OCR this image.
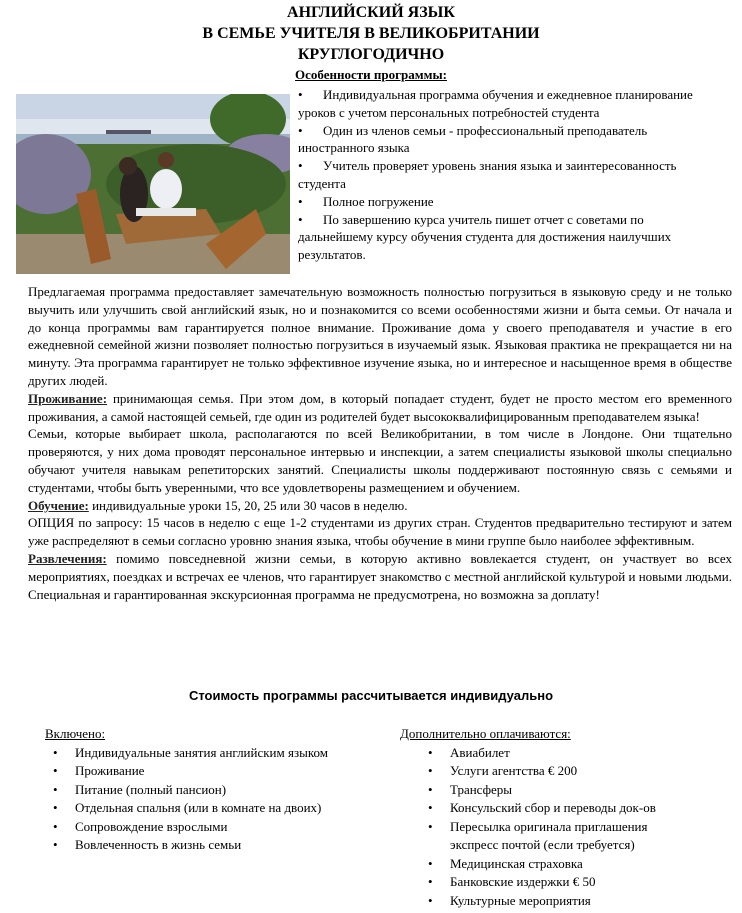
АНГЛИЙСКИЙ ЯЗЫК
В СЕМЬЕ УЧИТЕЛЯ В ВЕЛИКОБРИТАНИИ
КРУГЛОГОДИЧНО
Особенности программы:
• Индивидуальная программа обучения и ежедневное планирование уроков с учетом персональных потребностей студента
• Один из членов семьи - профессиональный преподаватель иностранного языка
• Учитель проверяет уровень знания языка и заинтересованность студента
• Полное погружение
• По завершению курса учитель пишет отчет с советами по дальнейшему курсу обучения студента для достижения наилучших результатов.

Предлагаемая программа предоставляет замечательную возможность полностью погрузиться в языковую среду и не только выучить или улучшить свой английский язык, но и познакомится со всеми особенностями жизни и быта семьи. От начала и до конца программы вам гарантируется полное внимание. Проживание дома у своего преподавателя и участие в его ежедневной семейной жизни позволяет полностью погрузиться в изучаемый язык. Языковая практика не прекращается ни на минуту. Эта программа гарантирует не только эффективное изучение языка, но и интересное и насыщенное время в обществе других людей.

Проживание: принимающая семья. При этом дом, в который попадает студент, будет не просто местом его временного проживания, а самой настоящей семьей, где один из родителей будет высококвалифицированным преподавателем языка!

Семьи, которые выбирает школа, располагаются по всей Великобритании, в том числе в Лондоне. Они тщательно проверяются, у них дома проводят персональное интервью и инспекции, а затем специалисты языковой школы специально обучают учителя навыкам репетиторских занятий. Специалисты школы поддерживают постоянную связь с семьями и студентами, чтобы быть уверенными, что все удовлетворены размещением и обучением.

Обучение: индивидуальные уроки 15, 20, 25 или 30 часов в неделю.

ОПЦИЯ по запросу: 15 часов в неделю с еще 1-2 студентами из других стран. Студентов предварительно тестируют и затем уже распределяют в семьи согласно уровню знания языка, чтобы обучение в мини группе было наиболее эффективным.

Развлечения: помимо повседневной жизни семьи, в которую активно вовлекается студент, он участвует во всех мероприятиях, поездках и встречах ее членов, что гарантирует знакомство с местной английской культурой и новыми людьми. Специальная и гарантированная экскурсионная программа не предусмотрена, но возможна за доплату!

Стоимость программы рассчитывается индивидуально
Включено:
• Индивидуальные занятия английским языком
• Проживание
• Питание (полный пансион)
• Отдельная спальня (или в комнате на двоих)
• Сопровождение взрослыми
• Вовлеченность в жизнь семьи
Дополнительно оплачиваются:
• Авиабилет
• Услуги агентства € 200
• Трансферы
• Консульский сбор и переводы док-ов
• Пересылка оригинала приглашения экспресс почтой (если требуется)
• Медицинская страховка
• Банковские издержки € 50
• Культурные мероприятия
